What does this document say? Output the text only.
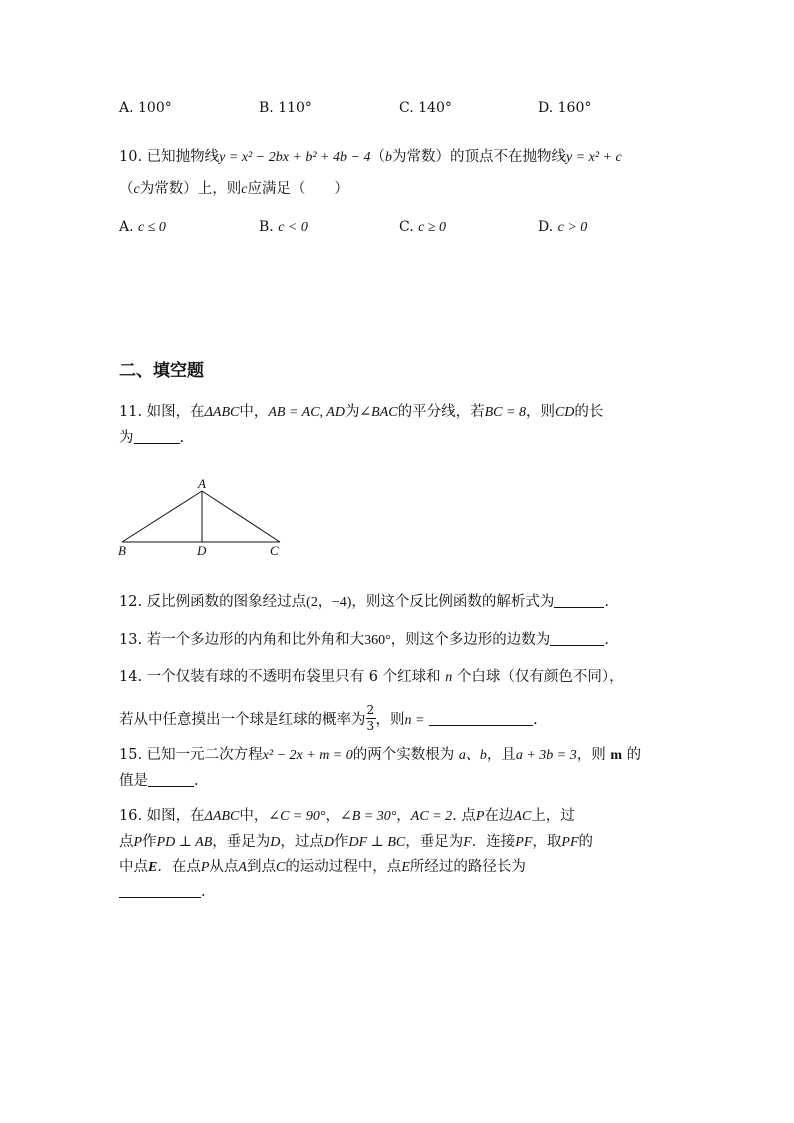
A. 100°	B. 110°	C. 140°	D. 160°
10. 已知抛物线y = x² − 2bx + b² + 4b − 4（b为常数）的顶点不在抛物线y = x² + c
（c为常数）上，则c应满足（　　）
A. c ≤ 0	B. c < 0	C. c ≥ 0	D. c > 0
二、填空题
11. 如图，在ΔABC中，AB = AC, AD为∠BAC的平分线，若BC = 8，则CD的长
为	.
A
B	D	C
12. 反比例函数的图象经过点(2，−4)，则这个反比例函数的解析式为	.
13. 若一个多边形的内角和比外角和大360°，则这个多边形的边数为	.
14. 一个仅装有球的不透明布袋里只有 6 个红球和 n 个白球（仅有颜色不同），
若从中任意摸出一个球是红球的概率为 $\frac{2}{3}$ ，则n =	.
15. 已知一元二次方程x² − 2x + m = 0的两个实数根为 a、b，且a + 3b = 3，则 m 的
值是	.
16. 如图，在ΔABC中，∠C = 90°，∠B = 30°，AC = 2. 点P在边AC上，过
点P作PD ⊥ AB，垂足为D，过点D作DF ⊥ BC，垂足为F．连接PF，取PF的
中点E．在点P从点A到点C的运动过程中，点E所经过的路径长为
.
